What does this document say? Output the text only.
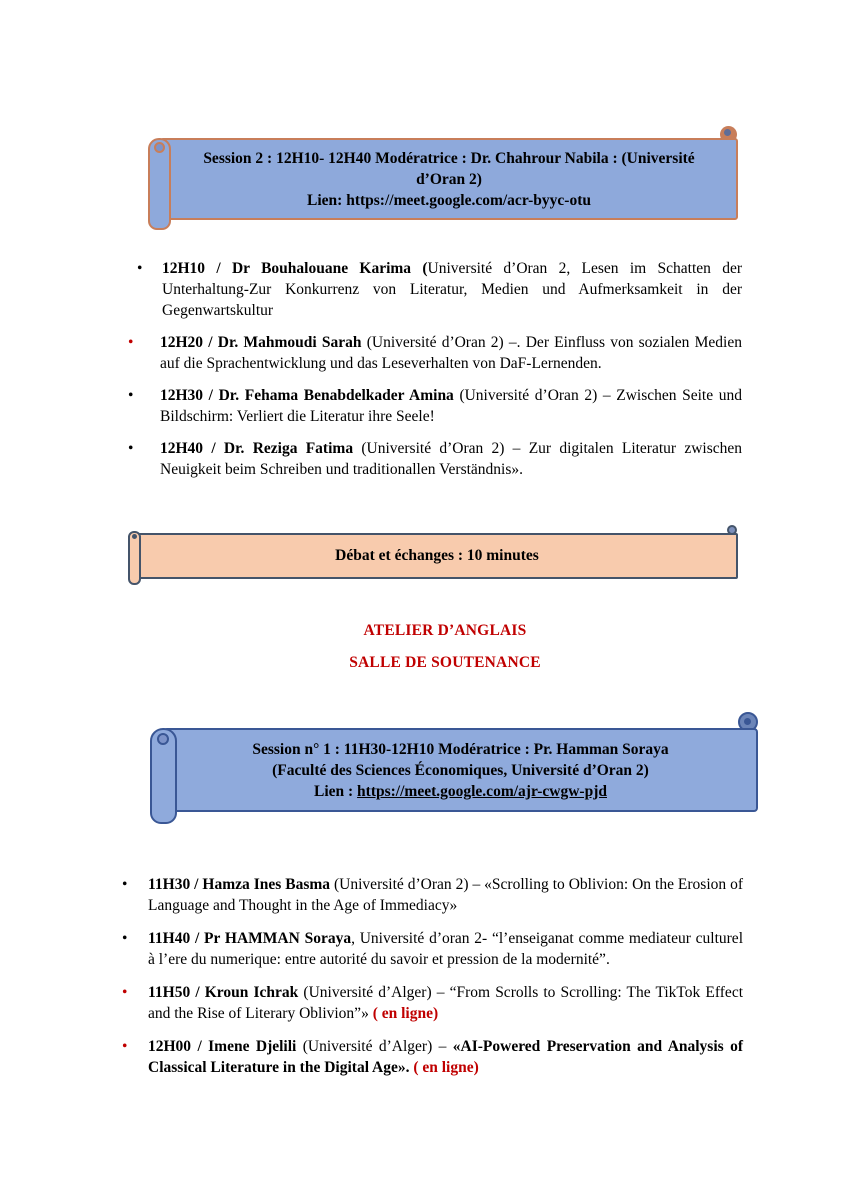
Session 2 : 12H10- 12H40 Modératrice : Dr. Chahrour Nabila : (Université
d’Oran 2)
Lien: https://meet.google.com/acr-byyc-otu
• 12H10 / Dr Bouhalouane Karima (Université d’Oran 2, Lesen im Schatten der Unterhaltung-Zur Konkurrenz von Literatur, Medien und Aufmerksamkeit in der Gegenwartskultur
• 12H20 / Dr. Mahmoudi Sarah (Université d’Oran 2) –. Der Einfluss von sozialen Medien auf die Sprachentwicklung und das Leseverhalten von DaF-Lernenden.
• 12H30 / Dr. Fehama Benabdelkader Amina (Université d’Oran 2) – Zwischen Seite und Bildschirm: Verliert die Literatur ihre Seele!
• 12H40 / Dr. Reziga Fatima (Université d’Oran 2) – Zur digitalen Literatur zwischen Neuigkeit beim Schreiben und traditionallen Verständnis».
Débat et échanges : 10 minutes
ATELIER D’ANGLAIS
SALLE DE SOUTENANCE
Session n° 1 : 11H30-12H10 Modératrice : Pr. Hamman Soraya
(Faculté des Sciences Économiques, Université d’Oran 2)
Lien : https://meet.google.com/ajr-cwgw-pjd
• 11H30 / Hamza Ines Basma (Université d’Oran 2) – «Scrolling to Oblivion: On the Erosion of Language and Thought in the Age of Immediacy»
• 11H40 / Pr HAMMAN Soraya, Université d’oran 2- “l’enseiganat comme mediateur culturel à l’ere du numerique: entre autorité du savoir et pression de la modernité”.
• 11H50 / Kroun Ichrak (Université d’Alger) – “From Scrolls to Scrolling: The TikTok Effect and the Rise of Literary Oblivion”» ( en ligne)
• 12H00 / Imene Djelili (Université d’Alger) – «AI-Powered Preservation and Analysis of Classical Literature in the Digital Age». ( en ligne)
